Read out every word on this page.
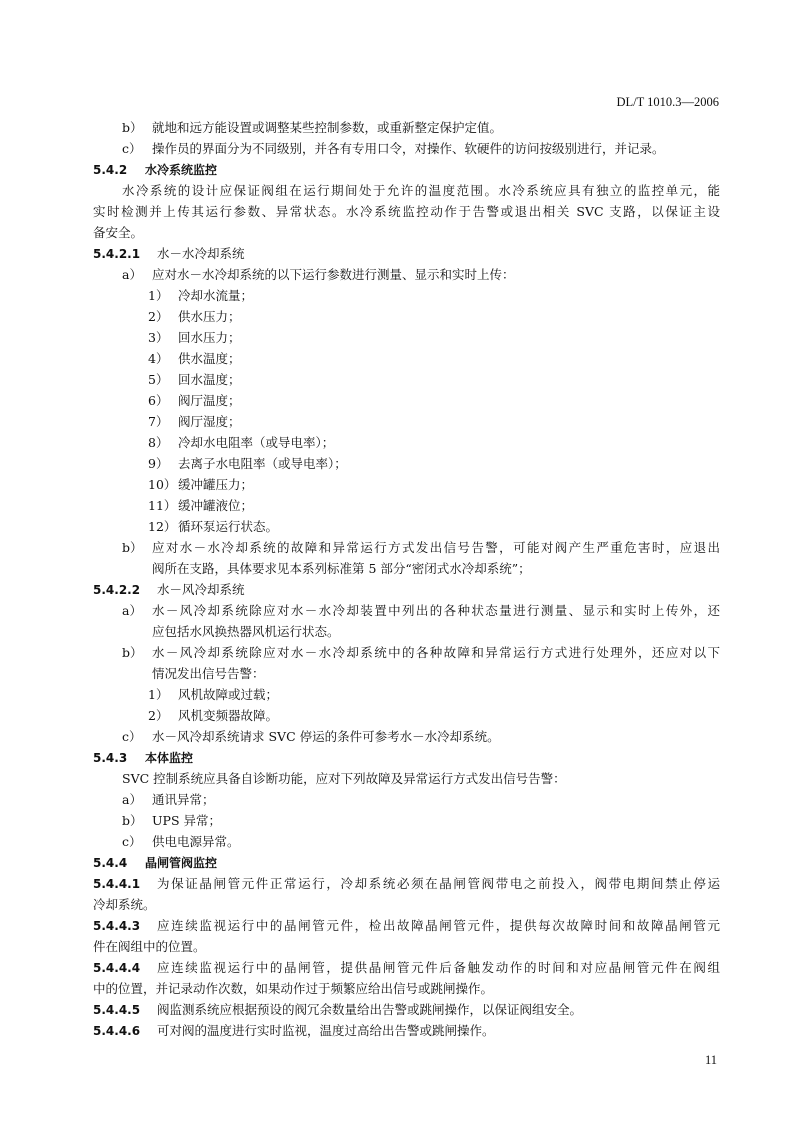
DL/T 1010.3—2006
b） 就地和远方能设置或调整某些控制参数，或重新整定保护定值。
c） 操作员的界面分为不同级别，并各有专用口令，对操作、软硬件的访问按级别进行，并记录。
5.4.2 水冷系统监控
水冷系统的设计应保证阀组在运行期间处于允许的温度范围。水冷系统应具有独立的监控单元，能
实时检测并上传其运行参数、异常状态。水冷系统监控动作于告警或退出相关 SVC 支路，以保证主设
备安全。
5.4.2.1 水－水冷却系统
a） 应对水－水冷却系统的以下运行参数进行测量、显示和实时上传：
1） 冷却水流量；
2） 供水压力；
3） 回水压力；
4） 供水温度；
5） 回水温度；
6） 阀厅温度；
7） 阀厅湿度；
8） 冷却水电阻率（或导电率）；
9） 去离子水电阻率（或导电率）；
10） 缓冲罐压力；
11） 缓冲罐液位；
12） 循环泵运行状态。
b） 应对水－水冷却系统的故障和异常运行方式发出信号告警，可能对阀产生严重危害时，应退出
阀所在支路，具体要求见本系列标准第 5 部分“密闭式水冷却系统”；
5.4.2.2 水－风冷却系统
a） 水－风冷却系统除应对水－水冷却装置中列出的各种状态量进行测量、显示和实时上传外，还
应包括水风换热器风机运行状态。
b） 水－风冷却系统除应对水－水冷却系统中的各种故障和异常运行方式进行处理外，还应对以下
情况发出信号告警：
1） 风机故障或过载；
2） 风机变频器故障。
c） 水－风冷却系统请求 SVC 停运的条件可参考水－水冷却系统。
5.4.3 本体监控
SVC 控制系统应具备自诊断功能，应对下列故障及异常运行方式发出信号告警：
a） 通讯异常；
b） UPS 异常；
c） 供电电源异常。
5.4.4 晶闸管阀监控
5.4.4.1	为保证晶闸管元件正常运行，冷却系统必须在晶闸管阀带电之前投入，阀带电期间禁止停运
冷却系统。
5.4.4.3	应连续监视运行中的晶闸管元件，检出故障晶闸管元件，提供每次故障时间和故障晶闸管元
件在阀组中的位置。
5.4.4.4	应连续监视运行中的晶闸管，提供晶闸管元件后备触发动作的时间和对应晶闸管元件在阀组
中的位置，并记录动作次数，如果动作过于频繁应给出信号或跳闸操作。
5.4.4.5 阀监测系统应根据预设的阀冗余数量给出告警或跳闸操作，以保证阀组安全。
5.4.4.6 可对阀的温度进行实时监视，温度过高给出告警或跳闸操作。
11
